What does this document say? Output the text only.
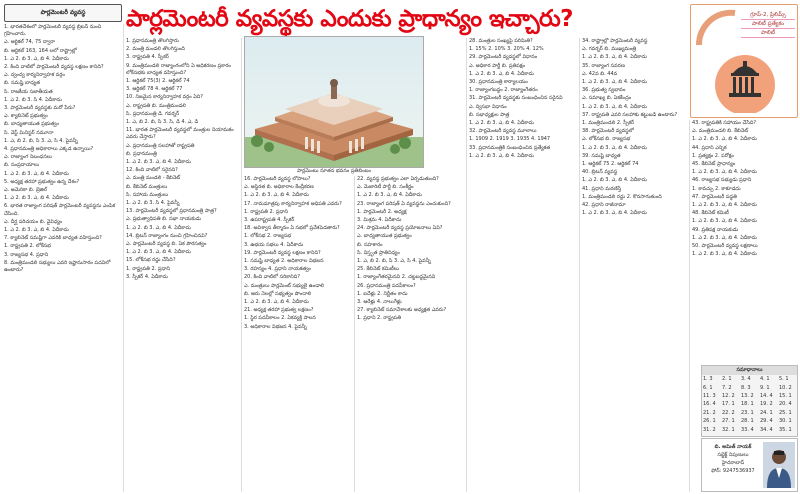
పార్లమెంటరీ వ్యవస్థ	పార్లమెంటరీ వ్యవస్థకు ఎందుకు ప్రాధాన్యం ఇచ్చారు?	గ్రూప్-2, ప్రిలిమ్స్
పాలిటీ ప్రత్యేకం
పాలిటీ
1. భారతదేశంలో పార్లమెంటరీ వ్యవస్థ బ్రిటన్ నుంచి గ్రహించారు.
ఎ. ఆర్టికల్ 74, 75 ద్వారా
బి. ఆర్టికల్ 163, 164 లలో రాష్ట్రాల్లో
1. ఎ 2. బి 3. ఎ, బి 4. ఏదీకాదు
2. కింది వాటిలో పార్లమెంటరీ వ్యవస్థ లక్షణం కానిది?
ఎ. ద్వంద్వ కార్యనిర్వాహక వర్గం
బి. సమష్టి బాధ్యత
సి. రాజకీయ సజాతీయత
1. ఎ 2. బి 3. సి 4. ఏదీకాదు
3. పార్లమెంటరీ వ్యవస్థకు మరో పేరు?
ఎ. క్యాబినెట్ ప్రభుత్వం
బి. బాధ్యతాయుత ప్రభుత్వం
సి. వెస్ట్ మినిస్టర్ నమూనా
1. ఎ, బి 2. బి, సి 3. ఎ, సి 4. పైవన్నీ
4. ప్రధానమంత్రి అధికారాలు ఎక్కడ ఉన్నాయి?
ఎ. రాజ్యాంగ నిబంధనలు
బి. సంప్రదాయాలు
1. ఎ 2. బి 3. ఎ, బి 4. ఏదీకాదు
5. అధ్యక్ష తరహా ప్రభుత్వం ఉన్న దేశం?
ఎ. అమెరికా బి. బ్రెజిల్
1. ఎ 2. బి 3. ఎ, బి 4. ఏదీకాదు
6. భారత రాజ్యాంగ పరిషత్ పార్లమెంటరీ వ్యవస్థను ఎంపిక చేసింది.
ఎ. దీర్ఘ పరిచయం బి. వైవిధ్యం
1. ఎ 2. బి 3. ఎ, బి 4. ఏదీకాదు
7. క్యాబినెట్ సమష్టిగా ఎవరికి బాధ్యత వహిస్తుంది?
1. రాష్ట్రపతి 2. లోక్‌సభ
3. రాజ్యసభ 4. ప్రధాని
8. మంత్రిమండలి సభ్యులు ఎవరి ఇష్టానుసారం పదవిలో ఉంటారు?
1. ప్రధానమంత్రి తొలగిస్తారు
2. మంత్రి మండలి తొలగిస్తుంది
3. రాష్ట్రపతి 4. స్పీకర్
9. మంత్రిమండలి రాజ్యాంగంలోని ఏ అధికరణం ప్రకారం లోక్‌సభకు బాధ్యత వహిస్తుంది?
1. ఆర్టికల్ 75(3) 2. ఆర్టికల్ 74
3. ఆర్టికల్ 78 4. ఆర్టికల్ 77
10. నిజమైన కార్యనిర్వాహక వర్గం ఏది?
ఎ. రాష్ట్రపతి బి. మంత్రిమండలి
సి. ప్రధానమంత్రి డి. గవర్నర్
1. ఎ, బి 2. బి, సి 3. సి, డి 4. ఎ, డి
11. భారత పార్లమెంటరీ వ్యవస్థలో మంత్రుల నియామకం ఎవరు చేస్తారు?
ఎ. ప్రధానమంత్రి సలహాతో రాష్ట్రపతి
బి. ప్రధానమంత్రి
1. ఎ 2. బి 3. ఎ, బి 4. ఏదీకాదు
12. కింది వాటిలో సరైనది?
ఎ. మంత్రి మండలి - కేబినెట్
బి. కేబినెట్ మంత్రులు
సి. సహాయ మంత్రులు
1. ఎ 2. బి 3. సి 4. పైవన్నీ
13. పార్లమెంటరీ వ్యవస్థలో ప్రధానమంత్రి పాత్ర?
ఎ. ప్రభుత్వాధిపతి బి. సభా నాయకుడు
1. ఎ 2. బి 3. ఎ, బి 4. ఏదీకాదు
14. బ్రిటన్ రాజ్యాంగం నుంచి గ్రహించినవి?
ఎ. పార్లమెంటరీ వ్యవస్థ బి. ఏక పౌరసత్వం
1. ఎ 2. బి 3. ఎ, బి 4. ఏదీకాదు
15. లోక్‌సభ రద్దు చేసేది?
1. రాష్ట్రపతి 2. ప్రధాని
3. స్పీకర్ 4. ఏదీకాదు
పార్లమెంటు నూతన భవనం ప్రతిబింబం
16. పార్లమెంటరీ వ్యవస్థ లోపాలు?
ఎ. అస్థిరత బి. అధికారాల కేంద్రీకరణ
1. ఎ 2. బి 3. ఎ, బి 4. ఏదీకాదు
17. నామమాత్రపు కార్యనిర్వాహక అధిపతి ఎవరు?
1. రాష్ట్రపతి 2. ప్రధాని
3. ఉపరాష్ట్రపతి 4. స్పీకర్
18. అవిశ్వాస తీర్మానం ఏ సభలో ప్రవేశపెడతారు?
1. లోక్‌సభ 2. రాజ్యసభ
3. ఉభయ సభలు 4. ఏదీకాదు
19. పార్లమెంటరీ వ్యవస్థ లక్షణం కానిది?
1. సమష్టి బాధ్యత 2. అధికారాల విభజన
3. రహస్యం 4. ప్రధాని నాయకత్వం
20. కింది వాటిలో సరికానిది?
ఎ. మంత్రులు పార్లమెంట్ సభ్యులై ఉండాలి
బి. ఆరు నెలల్లో సభ్యత్వం పొందాలి
1. ఎ 2. బి 3. ఎ, బి 4. ఏదీకాదు
21. అధ్యక్ష తరహా ప్రభుత్వ లక్షణం?
1. స్థిర పదవీకాలం 2. ఏకవ్యక్తి పాలన
3. అధికారాల విభజన 4. పైవన్నీ
22. వ్యవస్థ ప్రభుత్వం ఎలా ఏర్పడుతుంది?
ఎ. మెజారిటీ పార్టీ బి. సంకీర్ణం
1. ఎ 2. బి 3. ఎ, బి 4. ఏదీకాదు
23. రాజ్యాంగ పరిషత్ ఏ వ్యవస్థను ఎంచుకుంది?
1. పార్లమెంటరీ 2. అధ్యక్ష
3. మిశ్రమ 4. ఏదీకాదు
24. పార్లమెంటరీ వ్యవస్థ ప్రయోజనాలు ఏవి?
ఎ. బాధ్యతాయుత ప్రభుత్వం
బి. సహకారం
సి. విస్తృత ప్రాతినిధ్యం
1. ఎ, బి 2. బి, సి 3. ఎ, సి 4. పైవన్నీ
25. కేబినెట్ కమిటీలు
1. రాజ్యాంగేతరమైనవి 2. చట్టబద్ధమైనవి
26. ప్రధానమంత్రి పదవీకాలం?
1. ఐదేళ్లు 2. నిర్ణీతం కాదు
3. ఆరేళ్లు 4. నాలుగేళ్లు
27. క్యాబినెట్ సమావేశాలకు అధ్యక్షత ఎవరు?
1. ప్రధాని 2. రాష్ట్రపతి
28. మంత్రుల సంఖ్యపై పరిమితి?
1. 15% 2. 10% 3. 20% 4. 12%
29. పార్లమెంటరీ వ్యవస్థలో విధానం
ఎ. అధికార పార్టీ బి. ప్రతిపక్షం
1. ఎ 2. బి 3. ఎ, బి 4. ఏదీకాదు
30. ప్రధానమంత్రి కార్యాలయం
1. రాజ్యాంగబద్ధం 2. రాజ్యాంగేతరం
31. పార్లమెంటరీ వ్యవస్థకు సంబంధించిన సరైనవి
ఎ. ద్విసభా విధానం
బి. సభాధ్యక్షుల పాత్ర
1. ఎ 2. బి 3. ఎ, బి 4. ఏదీకాదు
32. పార్లమెంటరీ వ్యవస్థ మూలాలు
1. 1909 2. 1919 3. 1935 4. 1947
33. ప్రధానమంత్రికి సంబంధించిన ప్రత్యేకత
1. ఎ 2. బి 3. ఎ, బి 4. ఏదీకాదు
34. రాష్ట్రాల్లో పార్లమెంటరీ వ్యవస్థ
ఎ. గవర్నర్ బి. ముఖ్యమంత్రి
1. ఎ 2. బి 3. ఎ, బి 4. ఏదీకాదు
35. రాజ్యాంగ సవరణ
ఎ. 42వ బి. 44వ
1. ఎ 2. బి 3. ఎ, బి 4. ఏదీకాదు
36. ప్రభుత్వ స్వభావం
ఎ. సమాఖ్య బి. ఏకకేంద్రం
1. ఎ 2. బి 3. ఎ, బి 4. ఏదీకాదు
37. రాష్ట్రపతి ఎవరి సలహాకు కట్టుబడి ఉంటారు?
1. మంత్రిమండలి 2. స్పీకర్
38. పార్లమెంటరీ వ్యవస్థలో
ఎ. లోక్‌సభ బి. రాజ్యసభ
1. ఎ 2. బి 3. ఎ, బి 4. ఏదీకాదు
39. సమష్టి బాధ్యత
1. ఆర్టికల్ 75 2. ఆర్టికల్ 74
40. బ్రిటన్ వ్యవస్థ
1. ఎ 2. బి 3. ఎ, బి 4. ఏదీకాదు
41. ప్రధాని మరణిస్తే
1. మంత్రిమండలి రద్దు 2. కొనసాగుతుంది
42. ప్రధాని రాజీనామా
1. ఎ 2. బి 3. ఎ, బి 4. ఏదీకాదు
43. రాష్ట్రపతికి సహాయం చేసేది?
ఎ. మంత్రిమండలి బి. కేబినెట్
1. ఎ 2. బి 3. ఎ, బి 4. ఏదీకాదు
44. ప్రధాని ఎన్నిక
1. ప్రత్యక్షం 2. పరోక్షం
45. కేబినెట్ ప్రాధాన్యం
1. ఎ 2. బి 3. ఎ, బి 4. ఏదీకాదు
46. రాజ్యసభ సభ్యుడు ప్రధాని
1. కావచ్చు 2. కాకూడదు
47. పార్లమెంటరీ పద్ధతి
1. ఎ 2. బి 3. ఎ, బి 4. ఏదీకాదు
48. కేబినెట్ కమిటీ
1. ఎ 2. బి 3. ఎ, బి 4. ఏదీకాదు
49. ప్రతిపక్ష నాయకుడు
1. ఎ 2. బి 3. ఎ, బి 4. ఏదీకాదు
50. పార్లమెంటరీ వ్యవస్థ లక్షణాలు
1. ఎ 2. బి 3. ఎ, బి 4. ఏదీకాదు
సమాధానాలు
1. 3	2. 1	3. 4	4. 1	5. 1
6. 1	7. 2	8. 3	9. 1	10. 2
11. 3	12. 2	13. 2	14. 4	15. 1
16. 4	17. 1	18. 1	19. 2	20. 4
21. 2	22. 2	23. 1	24. 1	25. 1
26. 1	27. 1	28. 1	29. 4	30. 1
31. 2	32. 1	33. 4	34. 4	35. 1
బి. అమిత్ నాయక్
సబ్జెక్ట్ నిపుణులు
హైదరాబాద్
ఫోన్: 9247536937
